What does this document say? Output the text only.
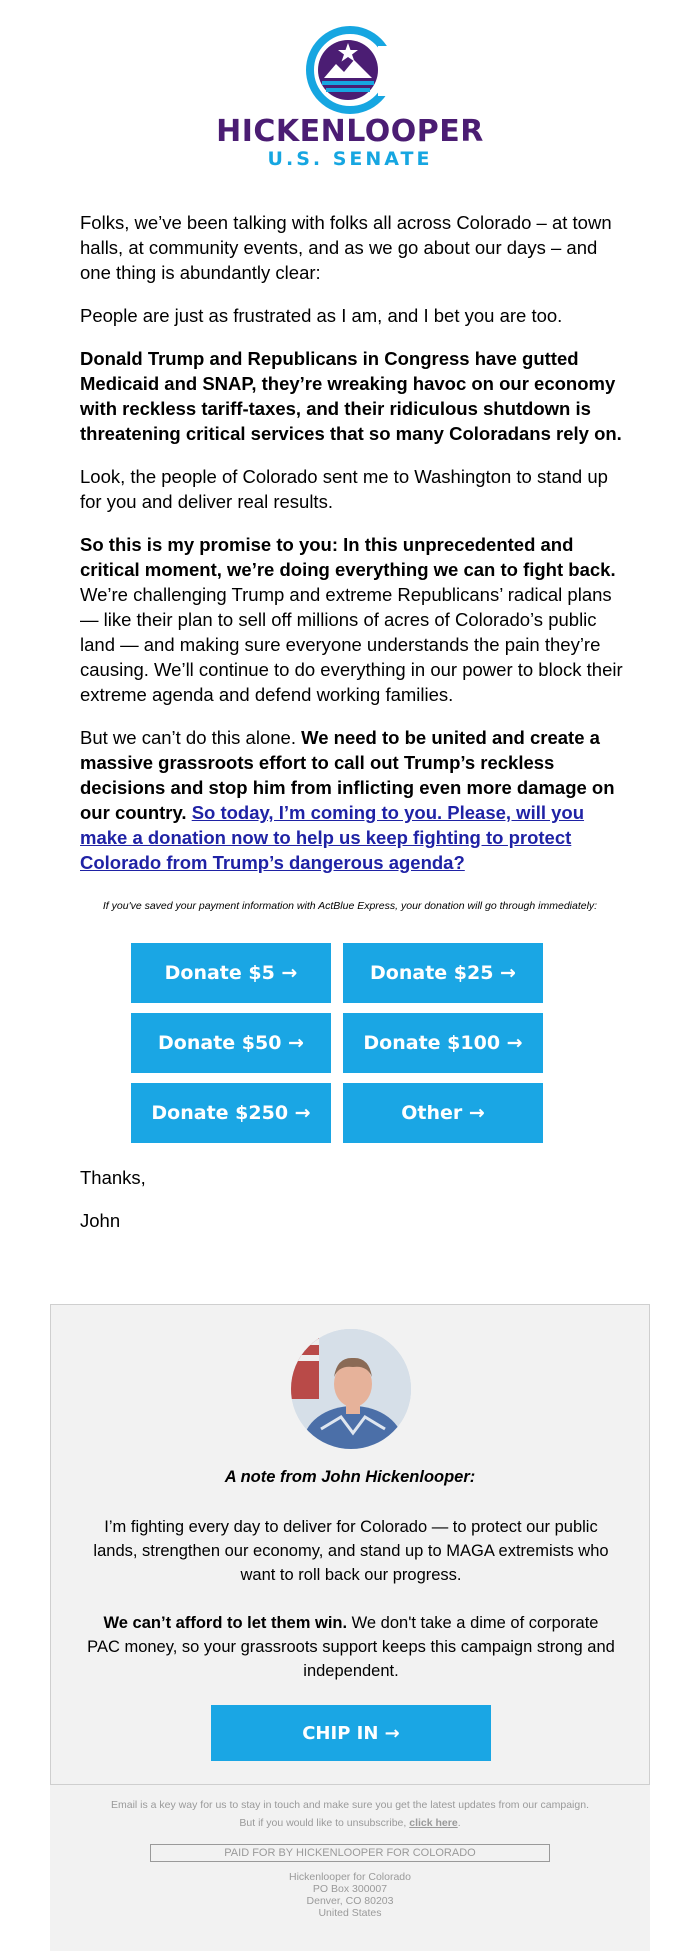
HICKENLOOPER
U.S. SENATE

Folks, we’ve been talking with folks all across Colorado – at town halls, at community events, and as we go about our days – and one thing is abundantly clear:

People are just as frustrated as I am, and I bet you are too.

Donald Trump and Republicans in Congress have gutted Medicaid and SNAP, they’re wreaking havoc on our economy with reckless tariff-taxes, and their ridiculous shutdown is threatening critical services that so many Coloradans rely on.

Look, the people of Colorado sent me to Washington to stand up for you and deliver real results.

So this is my promise to you: In this unprecedented and critical moment, we’re doing everything we can to fight back. We’re challenging Trump and extreme Republicans’ radical plans — like their plan to sell off millions of acres of Colorado’s public land — and making sure everyone understands the pain they’re causing. We’ll continue to do everything in our power to block their extreme agenda and defend working families.

But we can’t do this alone. We need to be united and create a massive grassroots effort to call out Trump’s reckless decisions and stop him from inflicting even more damage on our country. So today, I’m coming to you. Please, will you make a donation now to help us keep fighting to protect Colorado from Trump’s dangerous agenda?

If you've saved your payment information with ActBlue Express, your donation will go through immediately:
Donate $5 →	Donate $25 →
Donate $50 →	Donate $100 →
Donate $250 →	Other →

Thanks,

John

A note from John Hickenlooper:
I’m fighting every day to deliver for Colorado — to protect our public lands, strengthen our economy, and stand up to MAGA extremists who want to roll back our progress.
We can’t afford to let them win. We don't take a dime of corporate PAC money, so your grassroots support keeps this campaign strong and independent.
CHIP IN →
Email is a key way for us to stay in touch and make sure you get the latest updates from our campaign. But if you would like to unsubscribe, click here.
PAID FOR BY HICKENLOOPER FOR COLORADO
Hickenlooper for Colorado
PO Box 300007
Denver, CO 80203
United States
